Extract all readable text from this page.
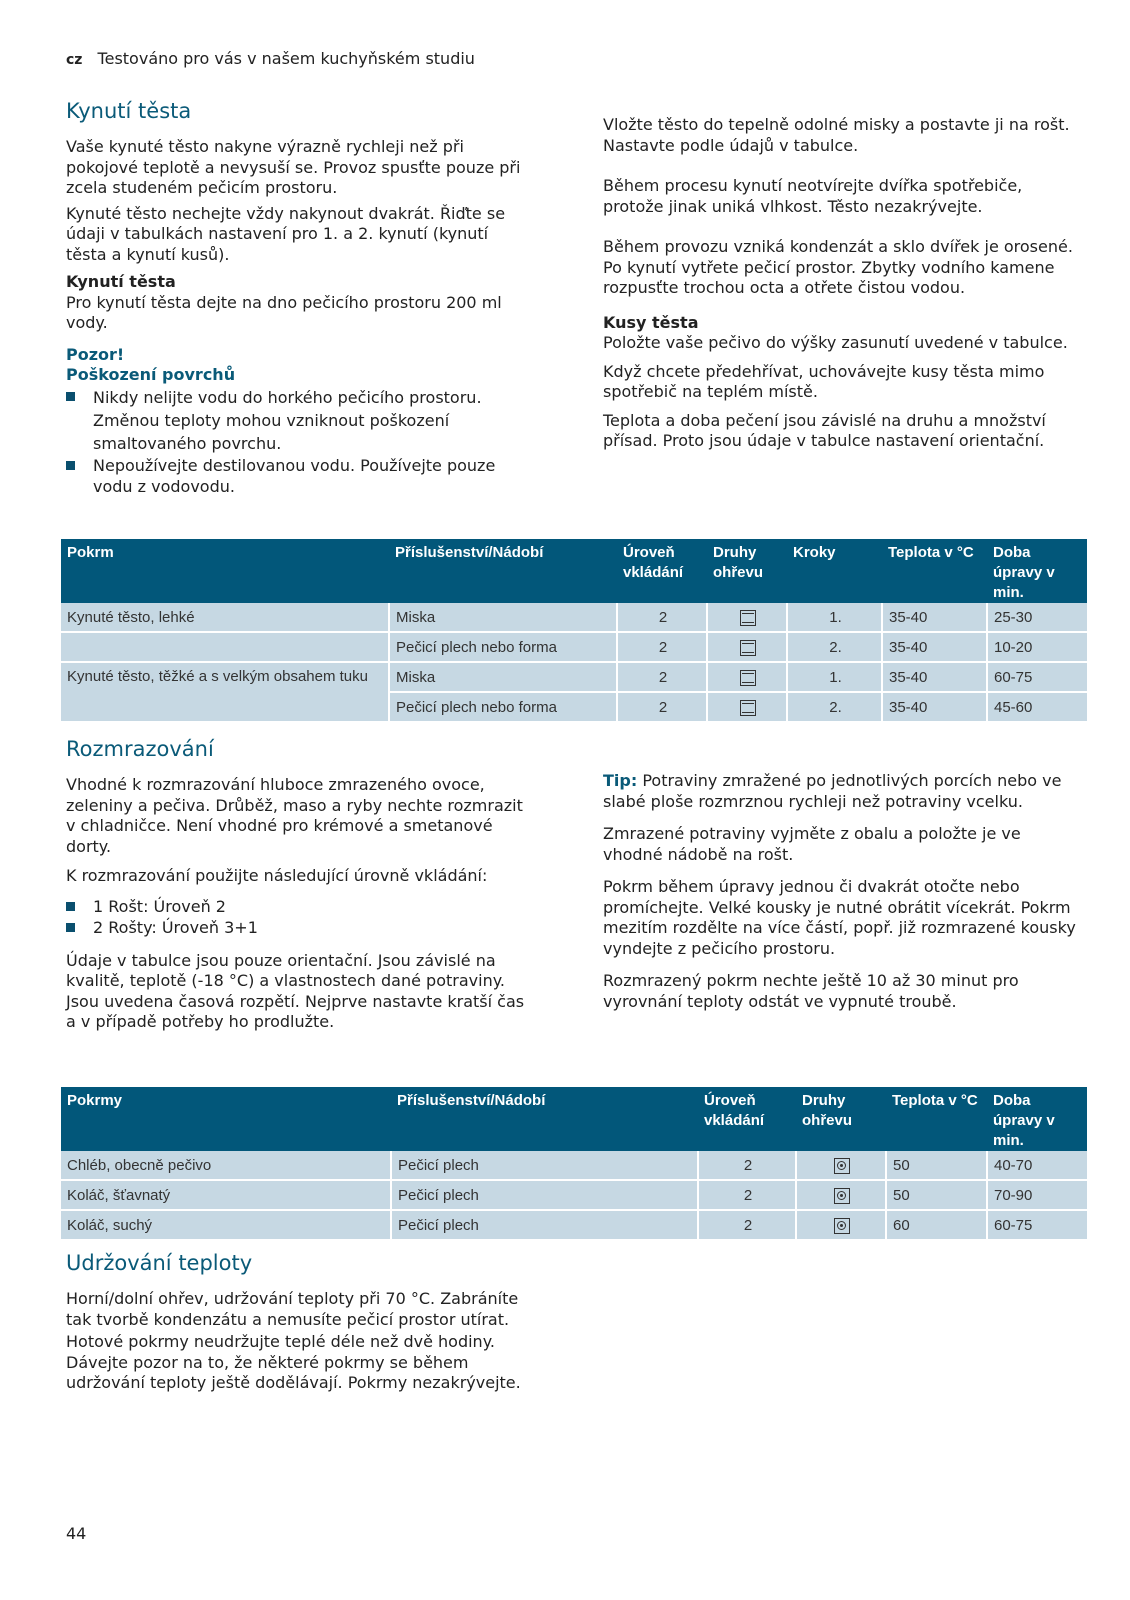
cz Testováno pro vás v našem kuchyňském studiu
Kynutí těsta

Vaše kynuté těsto nakyne výrazně rychleji než při pokojové teplotě a nevysuší se. Provoz spusťte pouze při zcela studeném pečicím prostoru.

Kynuté těsto nechejte vždy nakynout dvakrát. Řiďte se údaji v tabulkách nastavení pro 1. a 2. kynutí (kynutí těsta a kynutí kusů).

Kynutí těsta

Pro kynutí těsta dejte na dno pečicího prostoru 200 ml vody.

Pozor!
Poškození povrchů
Nikdy nelijte vodu do horkého pečicího prostoru. Změnou teploty mohou vzniknout poškození smaltovaného povrchu.
Nepoužívejte destilovanou vodu. Používejte pouze vodu z vodovodu.

Vložte těsto do tepelně odolné misky a postavte ji na rošt. Nastavte podle údajů v tabulce.

Během procesu kynutí neotvírejte dvířka spotřebiče, protože jinak uniká vlhkost. Těsto nezakrývejte.

Během provozu vzniká kondenzát a sklo dvířek je orosené. Po kynutí vytřete pečicí prostor. Zbytky vodního kamene rozpusťte trochou octa a otřete čistou vodou.

Kusy těsta

Položte vaše pečivo do výšky zasunutí uvedené v tabulce.

Když chcete předehřívat, uchovávejte kusy těsta mimo spotřebič na teplém místě.

Teplota a doba pečení jsou závislé na druhu a množství přísad. Proto jsou údaje v tabulce nastavení orientační.

Pokrm	Příslušenství/Nádobí	Úroveň vkládání	Druhy ohřevu	Kroky	Teplota v °C	Doba úpravy v min.
Kynuté těsto, lehké	Miska	2		1.	35-40	25-30
	Pečicí plech nebo forma	2		2.	35-40	10-20
Kynuté těsto, těžké a s velkým obsahem tuku	Miska	2		1.	35-40	60-75
	Pečicí plech nebo forma	2		2.	35-40	45-60
Rozmrazování

Vhodné k rozmrazování hluboce zmrazeného ovoce, zeleniny a pečiva. Drůběž, maso a ryby nechte rozmrazit v chladničce. Není vhodné pro krémové a smetanové dorty.

K rozmrazování použijte následující úrovně vkládání:

1 Rošt: Úroveň 2
2 Rošty: Úroveň 3+1

Údaje v tabulce jsou pouze orientační. Jsou závislé na kvalitě, teplotě (-18 °C) a vlastnostech dané potraviny. Jsou uvedena časová rozpětí. Nejprve nastavte kratší čas a v případě potřeby ho prodlužte.

Tip: Potraviny zmražené po jednotlivých porcích nebo ve slabé ploše rozmrznou rychleji než potraviny vcelku.

Zmrazené potraviny vyjměte z obalu a položte je ve vhodné nádobě na rošt.

Pokrm během úpravy jednou či dvakrát otočte nebo promíchejte. Velké kousky je nutné obrátit vícekrát. Pokrm mezitím rozdělte na více částí, popř. již rozmrazené kousky vyndejte z pečicího prostoru.

Rozmrazený pokrm nechte ještě 10 až 30 minut pro vyrovnání teploty odstát ve vypnuté troubě.

Pokrmy	Příslušenství/Nádobí	Úroveň vkládání	Druhy ohřevu	Teplota v °C	Doba úpravy v min.
Chléb, obecně pečivo	Pečicí plech	2		50	40-70
Koláč, šťavnatý	Pečicí plech	2		50	70-90
Koláč, suchý	Pečicí plech	2		60	60-75
Udržování teploty

Horní/dolní ohřev, udržování teploty při 70 °C. Zabráníte tak tvorbě kondenzátu a nemusíte pečicí prostor utírat.

Hotové pokrmy neudržujte teplé déle než dvě hodiny. Dávejte pozor na to, že některé pokrmy se během udržování teploty ještě dodělávají. Pokrmy nezakrývejte.

44
